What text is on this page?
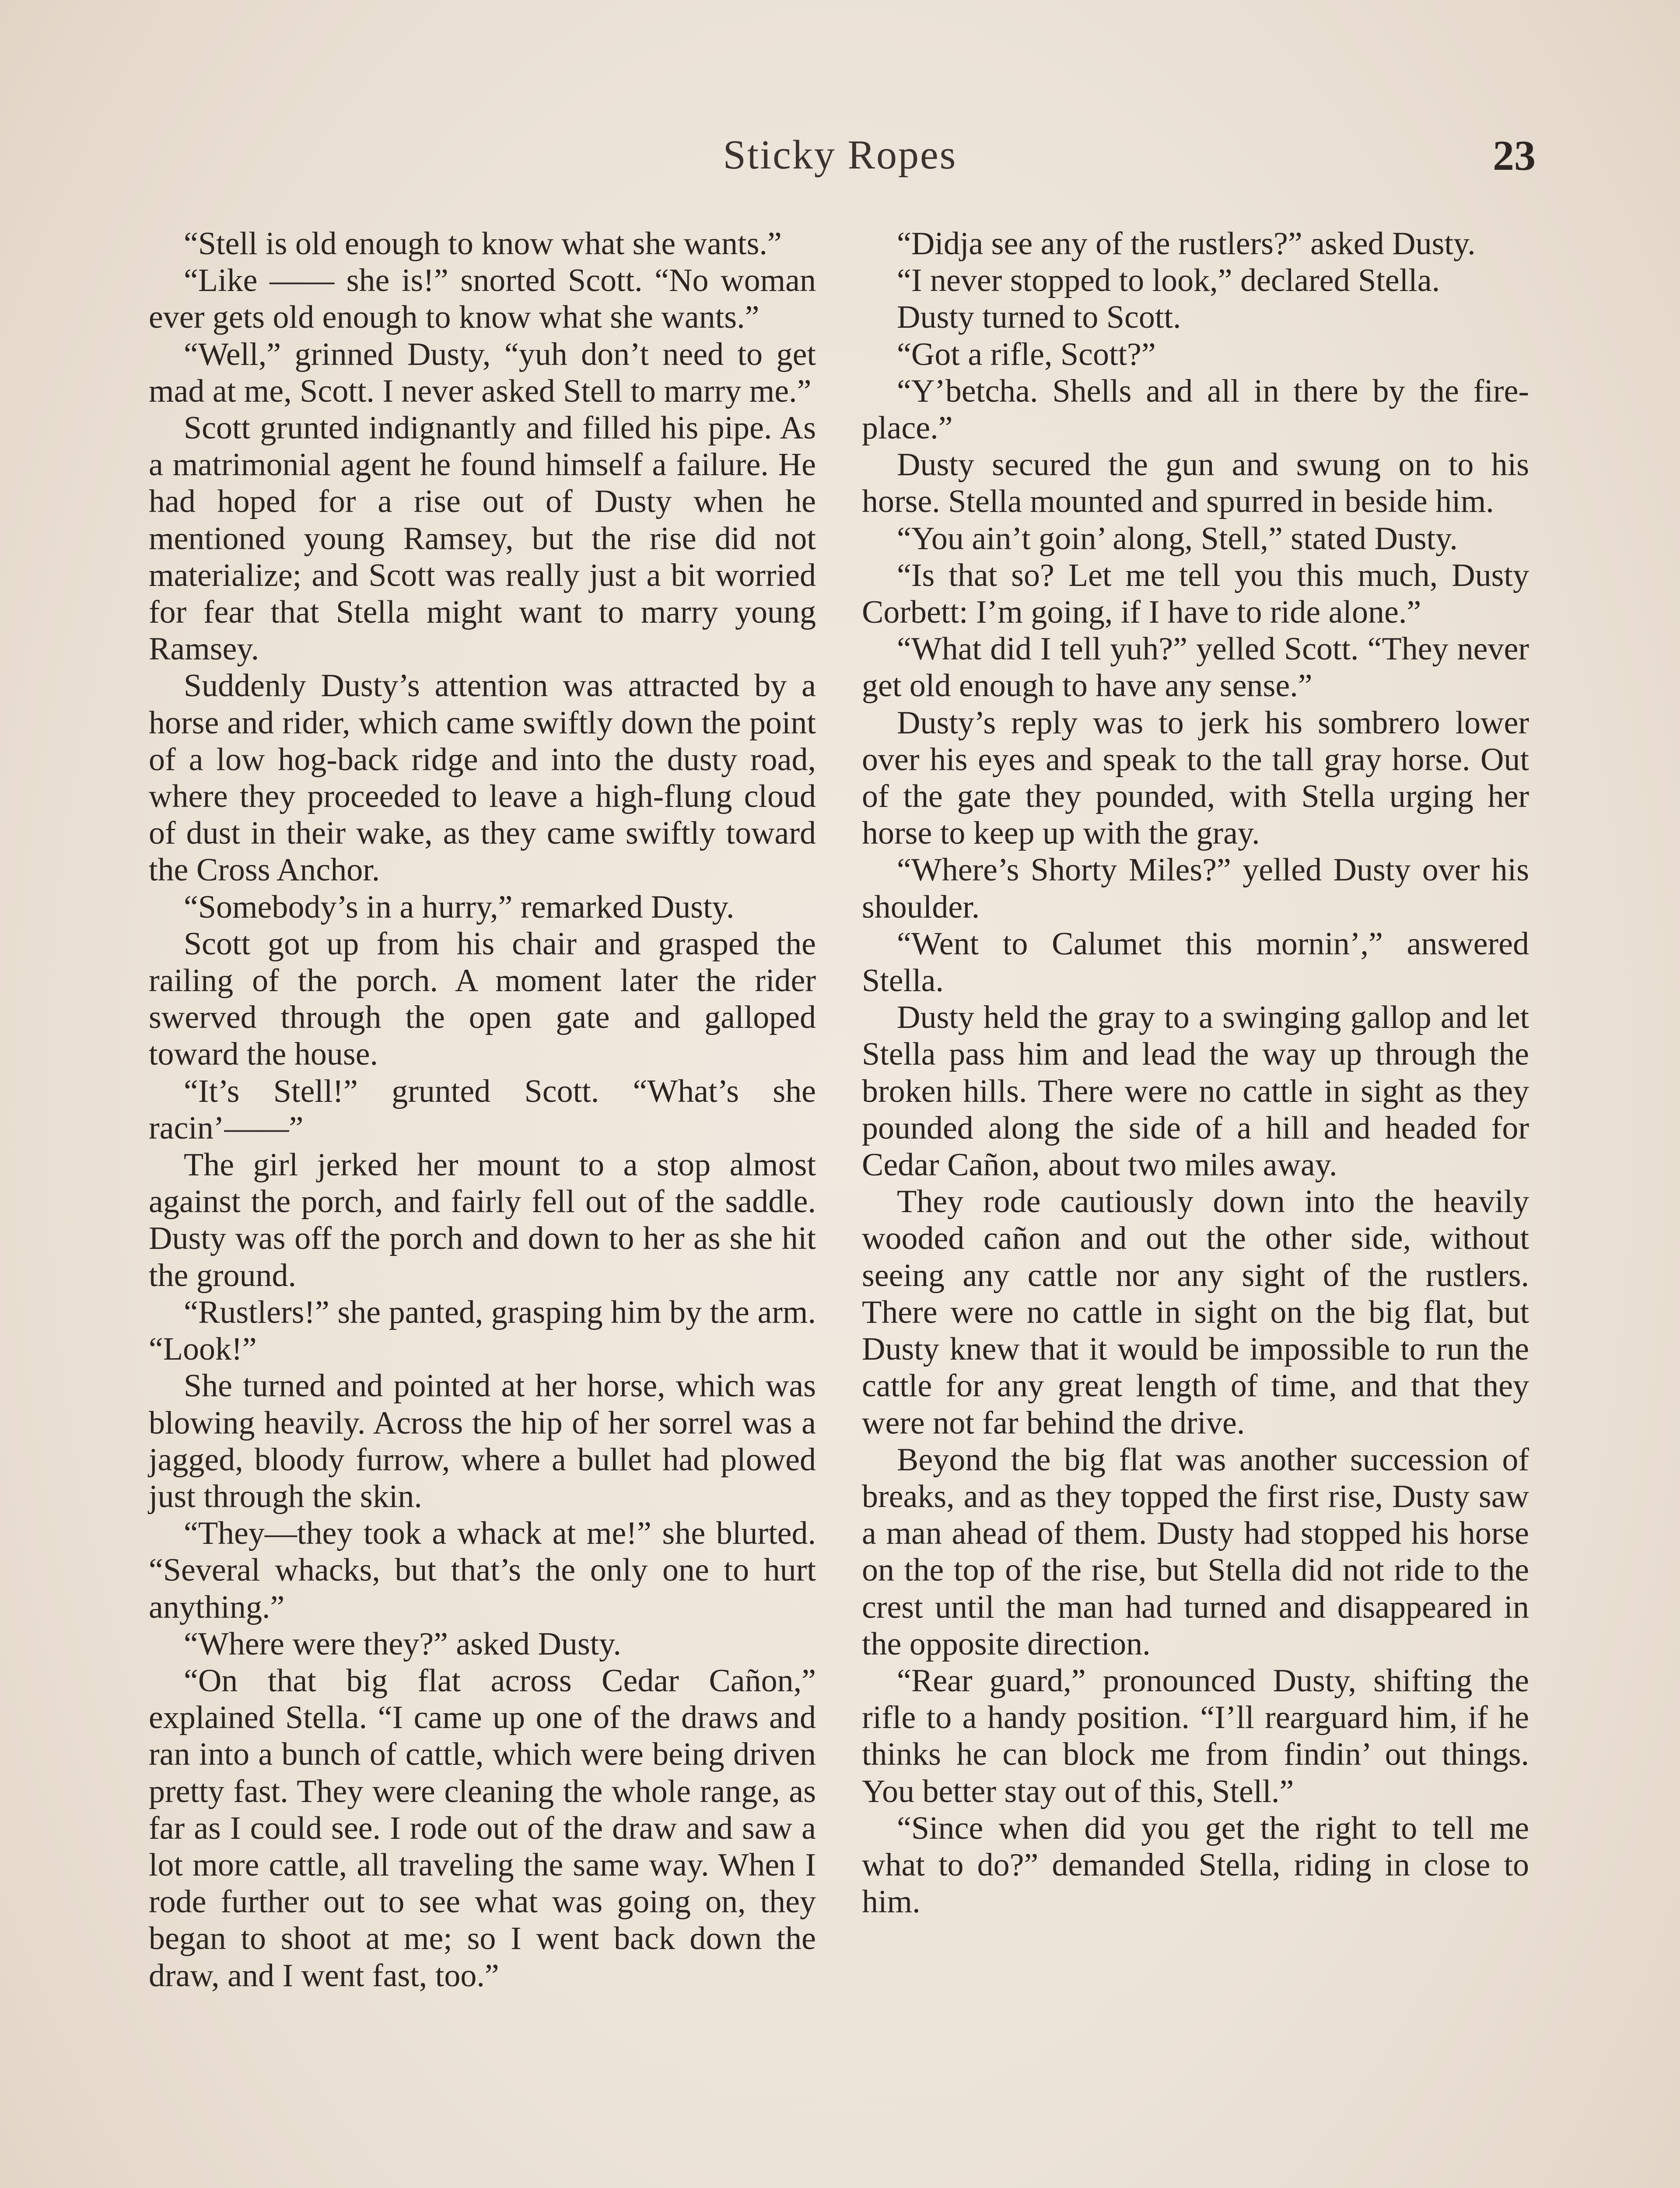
Sticky Ropes	23

“Stell is old enough to know what she wants.”

“Like —— she is!” snorted Scott. “No woman ever gets old enough to know what she wants.”

“Well,” grinned Dusty, “yuh don’t need to get mad at me, Scott. I never asked Stell to marry me.”

Scott grunted indignantly and filled his pipe. As a matrimonial agent he found himself a failure. He had hoped for a rise out of Dusty when he mentioned young Ramsey, but the rise did not materialize; and Scott was really just a bit worried for fear that Stella might want to marry young Ramsey.

Suddenly Dusty’s attention was attracted by a horse and rider, which came swiftly down the point of a low hog-back ridge and into the dusty road, where they proceeded to leave a high-flung cloud of dust in their wake, as they came swiftly toward the Cross Anchor.

“Somebody’s in a hurry,” remarked Dusty.

Scott got up from his chair and grasped the railing of the porch. A moment later the rider swerved through the open gate and galloped toward the house.

“It’s Stell!” grunted Scott. “What’s she racin’——”

The girl jerked her mount to a stop almost against the porch, and fairly fell out of the saddle. Dusty was off the porch and down to her as she hit the ground.

“Rustlers!” she panted, grasping him by the arm. “Look!”

She turned and pointed at her horse, which was blowing heavily. Across the hip of her sorrel was a jagged, bloody furrow, where a bullet had plowed just through the skin.

“They—they took a whack at me!” she blurted. “Several whacks, but that’s the only one to hurt anything.”

“Where were they?” asked Dusty.

“On that big flat across Cedar Cañon,” explained Stella. “I came up one of the draws and ran into a bunch of cattle, which were being driven pretty fast. They were cleaning the whole range, as far as I could see. I rode out of the draw and saw a lot more cattle, all traveling the same way. When I rode further out to see what was going on, they began to shoot at me; so I went back down the draw, and I went fast, too.”

“Didja see any of the rustlers?” asked Dusty.

“I never stopped to look,” declared Stella.

Dusty turned to Scott.

“Got a rifle, Scott?”

“Y’betcha. Shells and all in there by the fire-place.”

Dusty secured the gun and swung on to his horse. Stella mounted and spurred in beside him.

“You ain’t goin’ along, Stell,” stated Dusty.

“Is that so? Let me tell you this much, Dusty Corbett: I’m going, if I have to ride alone.”

“What did I tell yuh?” yelled Scott. “They never get old enough to have any sense.”

Dusty’s reply was to jerk his sombrero lower over his eyes and speak to the tall gray horse. Out of the gate they pounded, with Stella urging her horse to keep up with the gray.

“Where’s Shorty Miles?” yelled Dusty over his shoulder.

“Went to Calumet this mornin’,” answered Stella.

Dusty held the gray to a swinging gallop and let Stella pass him and lead the way up through the broken hills. There were no cattle in sight as they pounded along the side of a hill and headed for Cedar Cañon, about two miles away.

They rode cautiously down into the heavily wooded cañon and out the other side, without seeing any cattle nor any sight of the rustlers. There were no cattle in sight on the big flat, but Dusty knew that it would be impossible to run the cattle for any great length of time, and that they were not far behind the drive.

Beyond the big flat was another succession of breaks, and as they topped the first rise, Dusty saw a man ahead of them. Dusty had stopped his horse on the top of the rise, but Stella did not ride to the crest until the man had turned and disappeared in the opposite direction.

“Rear guard,” pronounced Dusty, shifting the rifle to a handy position. “I’ll rearguard him, if he thinks he can block me from findin’ out things. You better stay out of this, Stell.”

“Since when did you get the right to tell me what to do?” demanded Stella, riding in close to him.
